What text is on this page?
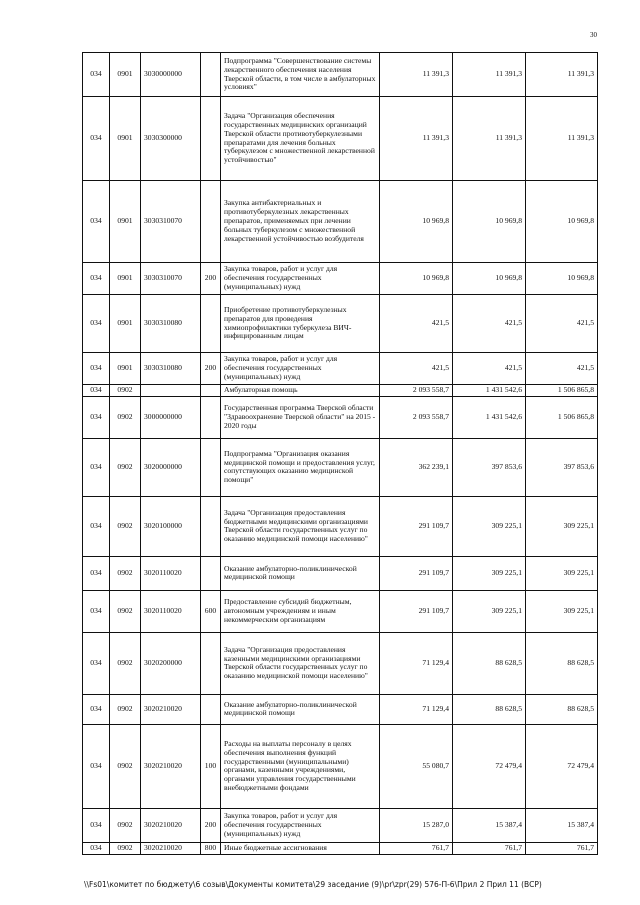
30
034	0901	3030000000		Подпрограмма "Совершенствование системы лекарственного обеспечения населения Тверской области, в том числе в амбулаторных условиях"	11 391,3	11 391,3	11 391,3
034	0901	3030300000		Задача "Организация обеспечения государственных медицинских организаций Тверской области противотуберкулезными препаратами для лечения больных туберкулезом с множественной лекарственной устойчивостью"	11 391,3	11 391,3	11 391,3
034	0901	3030310070		Закупка антибактериальных и противотуберкулезных лекарственных препаратов, применяемых при лечении больных туберкулезом с множественной лекарственной устойчивостью возбудителя	10 969,8	10 969,8	10 969,8
034	0901	3030310070	200	Закупка товаров, работ и услуг для обеспечения государственных (муниципальных) нужд	10 969,8	10 969,8	10 969,8
034	0901	3030310080		Приобретение противотуберкулезных препаратов для проведения химиопрофилактики туберкулеза ВИЧ-инфицированным лицам	421,5	421,5	421,5
034	0901	3030310080	200	Закупка товаров, работ и услуг для обеспечения государственных (муниципальных) нужд	421,5	421,5	421,5
034	0902			Амбулаторная помощь	2 093 558,7	1 431 542,6	1 506 865,8
034	0902	3000000000		Государственная программа Тверской области "Здравоохранение Тверской области" на 2015 - 2020 годы	2 093 558,7	1 431 542,6	1 506 865,8
034	0902	3020000000		Подпрограмма "Организация оказания медицинской помощи и предоставления услуг, сопутствующих оказанию медицинской помощи"	362 239,1	397 853,6	397 853,6
034	0902	3020100000		Задача "Организация предоставления бюджетными медицинскими организациями Тверской области государственных услуг по оказанию медицинской помощи населению"	291 109,7	309 225,1	309 225,1
034	0902	3020110020		Оказание амбулаторно-поликлинической медицинской помощи	291 109,7	309 225,1	309 225,1
034	0902	3020110020	600	Предоставление субсидий бюджетным, автономным учреждениям и иным некоммерческим организациям	291 109,7	309 225,1	309 225,1
034	0902	3020200000		Задача "Организация предоставления казенными медицинскими организациями Тверской области государственных услуг по оказанию медицинской помощи населению"	71 129,4	88 628,5	88 628,5
034	0902	3020210020		Оказание амбулаторно-поликлинической медицинской помощи	71 129,4	88 628,5	88 628,5
034	0902	3020210020	100	Расходы на выплаты персоналу в целях обеспечения выполнения функций государственными (муниципальными) органами, казенными учреждениями, органами управления государственными внебюджетными фондами	55 080,7	72 479,4	72 479,4
034	0902	3020210020	200	Закупка товаров, работ и услуг для обеспечения государственных (муниципальных) нужд	15 287,0	15 387,4	15 387,4
034	0902	3020210020	800	Иные бюджетные ассигнования	761,7	761,7	761,7
\\Fs01\комитет по бюджету\6 созыв\Документы комитета\29 заседание (9)\pr\zpr(29) 576-П-6\Прил 2 Прил 11 (ВСР)
